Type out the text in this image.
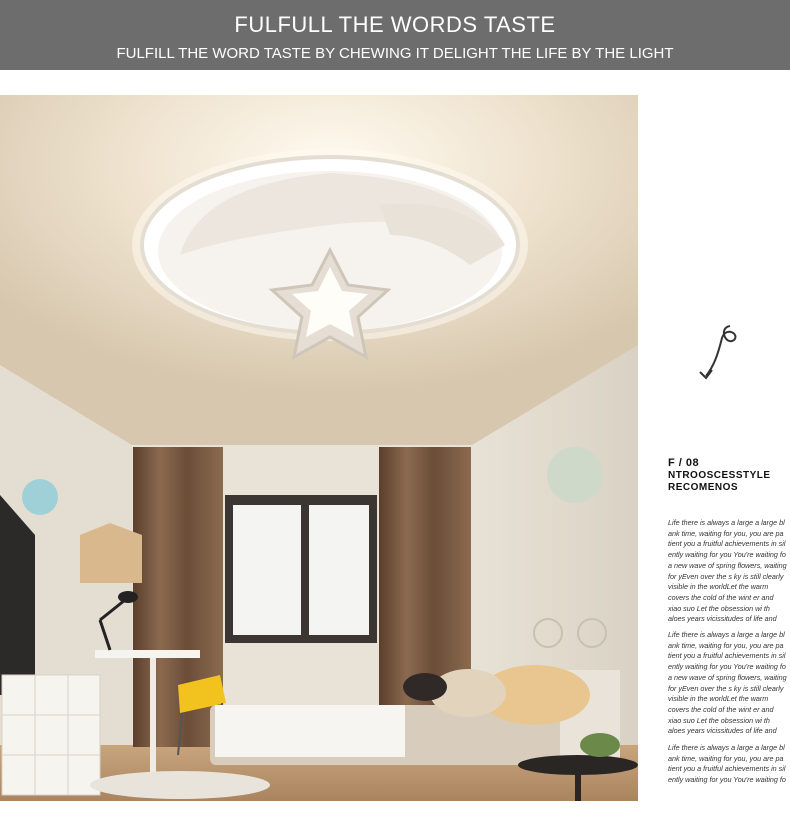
FULFULL THE WORDS TASTE
FULFILL THE WORD TASTE BY CHEWING IT DELIGHT THE LIFE BY THE LIGHT
F / 08
NTROOSCESSTYLE
RECOMENOS
Life there is always a large a large bl ank time, waiting for you, you are pa tient you a fruitful achievements in sil ently waiting for you You're waiting fo a new wave of spring flowers, waiting for yEven over the s ky is still clearly visible in the worldLet the warm covers the cold of the wint er and xiao suo Let the obsession wi th aloes years vicissitudes of life and
Life there is always a large a large bl ank time, waiting for you, you are pa tient you a fruitful achievements in sil ently waiting for you You're waiting fo a new wave of spring flowers, waiting for yEven over the s ky is still clearly visible in the worldLet the warm covers the cold of the wint er and xiao suo Let the obsession wi th aloes years vicissitudes of life and
Life there is always a large a large bl ank time, waiting for you, you are pa tient you a fruitful achievements in sil ently waiting for you You're waiting fo
